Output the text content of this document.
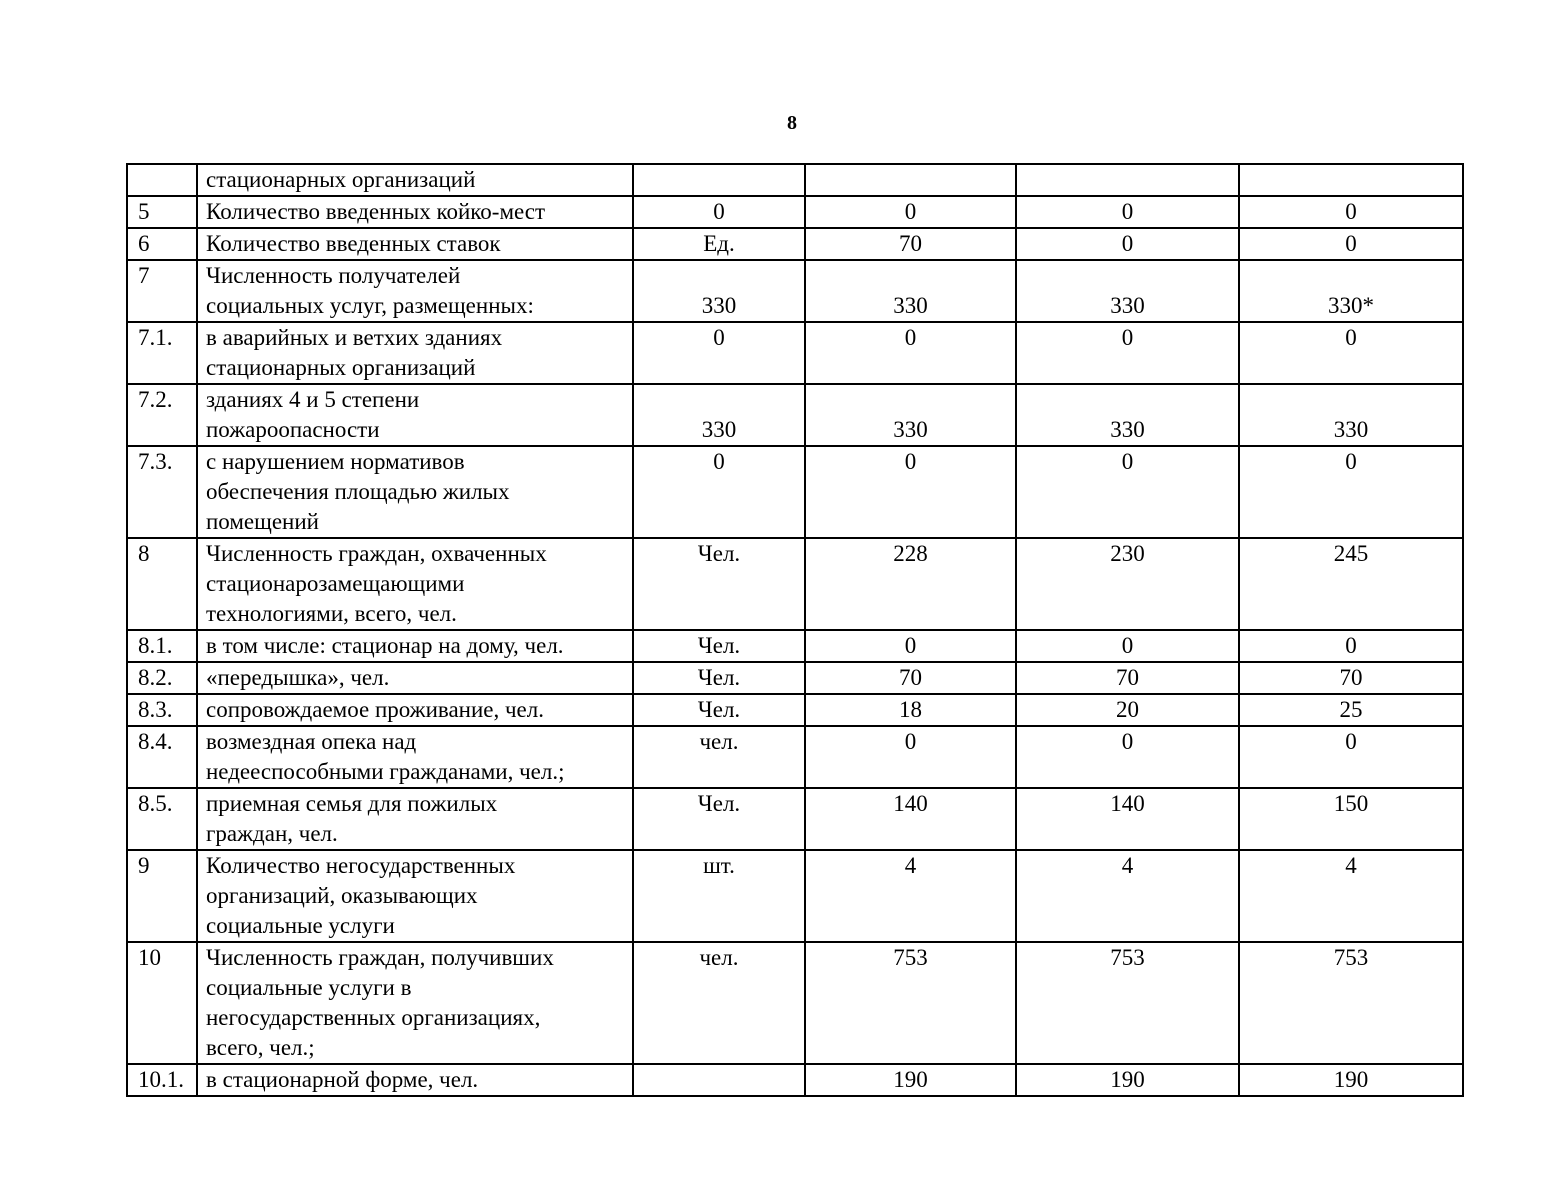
8

	стационарных организаций				

5	Количество введенных койко-мест	0	0	0	0
6	Количество введенных ставок	Ед.	70	0	0
7	Численность получателей
социальных услуг, размещенных:	330	330	330	330*
7.1.	в аварийных и ветхих зданиях
стационарных организаций	0	0	0	0
7.2.	зданиях 4 и 5 степени
пожароопасности	330	330	330	330
7.3.	с нарушением нормативов
обеспечения площадью жилых
помещений	0	0	0	0
8	Численность граждан, охваченных
стационарозамещающими
технологиями, всего, чел.	Чел.	228	230	245
8.1.	в том числе: стационар на дому, чел.	Чел.	0	0	0
8.2.	«передышка», чел.	Чел.	70	70	70
8.3.	сопровождаемое проживание, чел.	Чел.	18	20	25
8.4.	возмездная опека над
недееспособными гражданами, чел.;	чел.	0	0	0
8.5.	приемная семья для пожилых
граждан, чел.	Чел.	140	140	150
9	Количество негосударственных
организаций, оказывающих
социальные услуги	шт.	4	4	4
10	Численность граждан, получивших
социальные услуги в
негосударственных организациях,
всего, чел.;	чел.	753	753	753
10.1.	в стационарной форме, чел.		190	190	190
